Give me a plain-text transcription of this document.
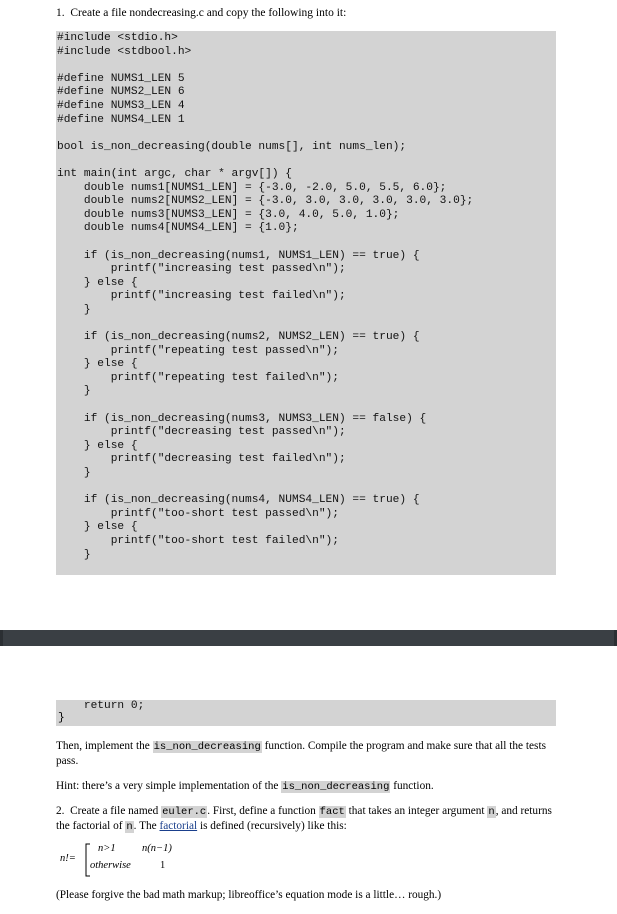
1. Create a file nondecreasing.c and copy the following into it:
#include <stdio.h>
#include <stdbool.h>

#define NUMS1_LEN 5
#define NUMS2_LEN 6
#define NUMS3_LEN 4
#define NUMS4_LEN 1

bool is_non_decreasing(double nums[], int nums_len);

int main(int argc, char * argv[]) {
double nums1[NUMS1_LEN] = {-3.0, -2.0, 5.0, 5.5, 6.0};
double nums2[NUMS2_LEN] = {-3.0, 3.0, 3.0, 3.0, 3.0, 3.0};
double nums3[NUMS3_LEN] = {3.0, 4.0, 5.0, 1.0};
double nums4[NUMS4_LEN] = {1.0};

if (is_non_decreasing(nums1, NUMS1_LEN) == true) {
printf("increasing test passed\n");
} else {
printf("increasing test failed\n");
}

if (is_non_decreasing(nums2, NUMS2_LEN) == true) {
printf("repeating test passed\n");
} else {
printf("repeating test failed\n");
}

if (is_non_decreasing(nums3, NUMS3_LEN) == false) {
printf("decreasing test passed\n");
} else {
printf("decreasing test failed\n");
}

if (is_non_decreasing(nums4, NUMS4_LEN) == true) {
printf("too-short test passed\n");
} else {
printf("too-short test failed\n");
}
return 0;
}
Then, implement the is_non_decreasing function. Compile the program and make sure that all the tests pass.
Hint: there’s a very simple implementation of the is_non_decreasing function.
2. Create a file named euler.c. First, define a function fact that takes an integer argument n, and returns the factorial of n. The factorial is defined (recursively) like this:
n!=
n>1	n(n−1)
otherwise	1
(Please forgive the bad math markup; libreoffice’s equation mode is a little… rough.)
